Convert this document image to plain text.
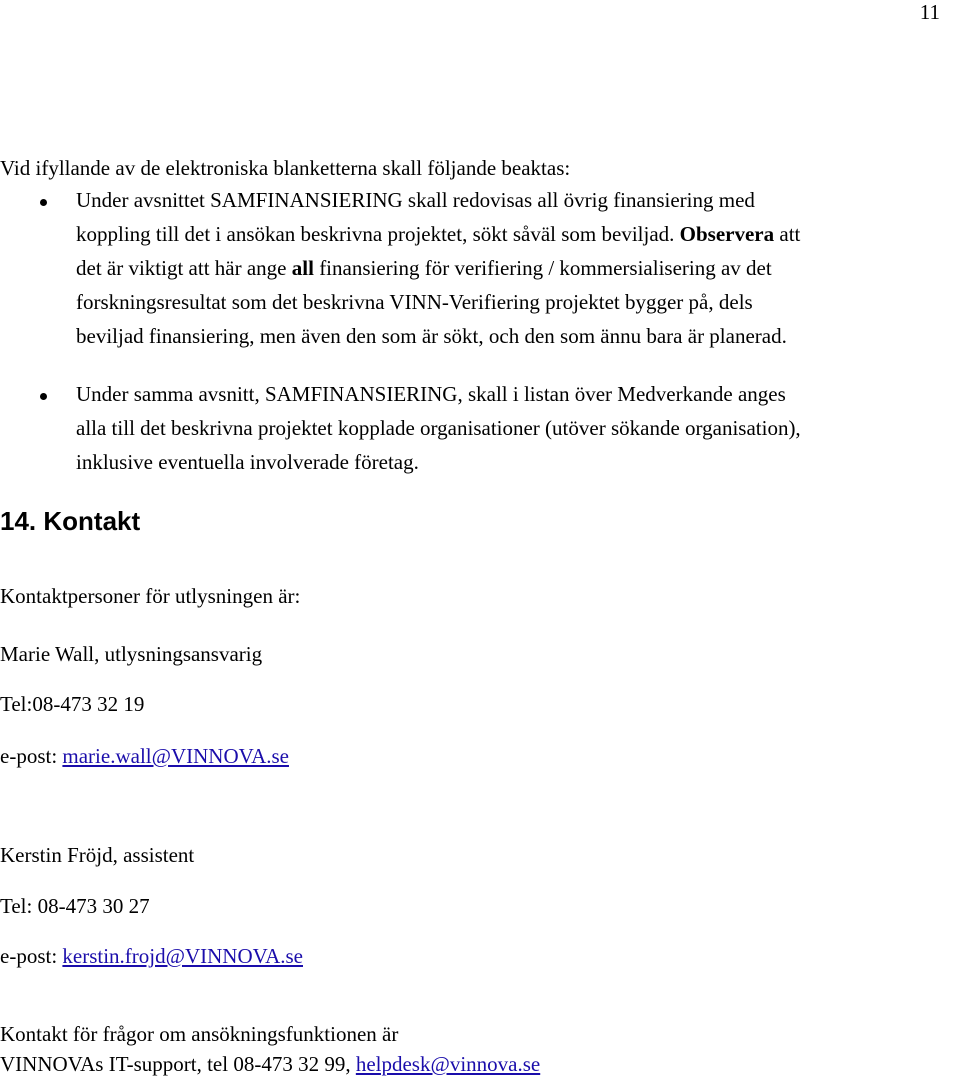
11
Vid ifyllande av de elektroniska blanketterna skall följande beaktas:
Under avsnittet SAMFINANSIERING skall redovisas all övrig finansiering med
koppling till det i ansökan beskrivna projektet, sökt såväl som beviljad. Observera att
det är viktigt att här ange all finansiering för verifiering / kommersialisering av det
forskningsresultat som det beskrivna VINN-Verifiering projektet bygger på, dels
beviljad finansiering, men även den som är sökt, och den som ännu bara är planerad.
Under samma avsnitt, SAMFINANSIERING, skall i listan över Medverkande anges
alla till det beskrivna projektet kopplade organisationer (utöver sökande organisation),
inklusive eventuella involverade företag.
14. Kontakt
Kontaktpersoner för utlysningen är:
Marie Wall, utlysningsansvarig
Tel:08-473 32 19
e-post: marie.wall@VINNOVA.se
Kerstin Fröjd, assistent
Tel: 08-473 30 27
e-post: kerstin.frojd@VINNOVA.se
Kontakt för frågor om ansökningsfunktionen är
VINNOVAs IT-support, tel 08-473 32 99, helpdesk@vinnova.se
